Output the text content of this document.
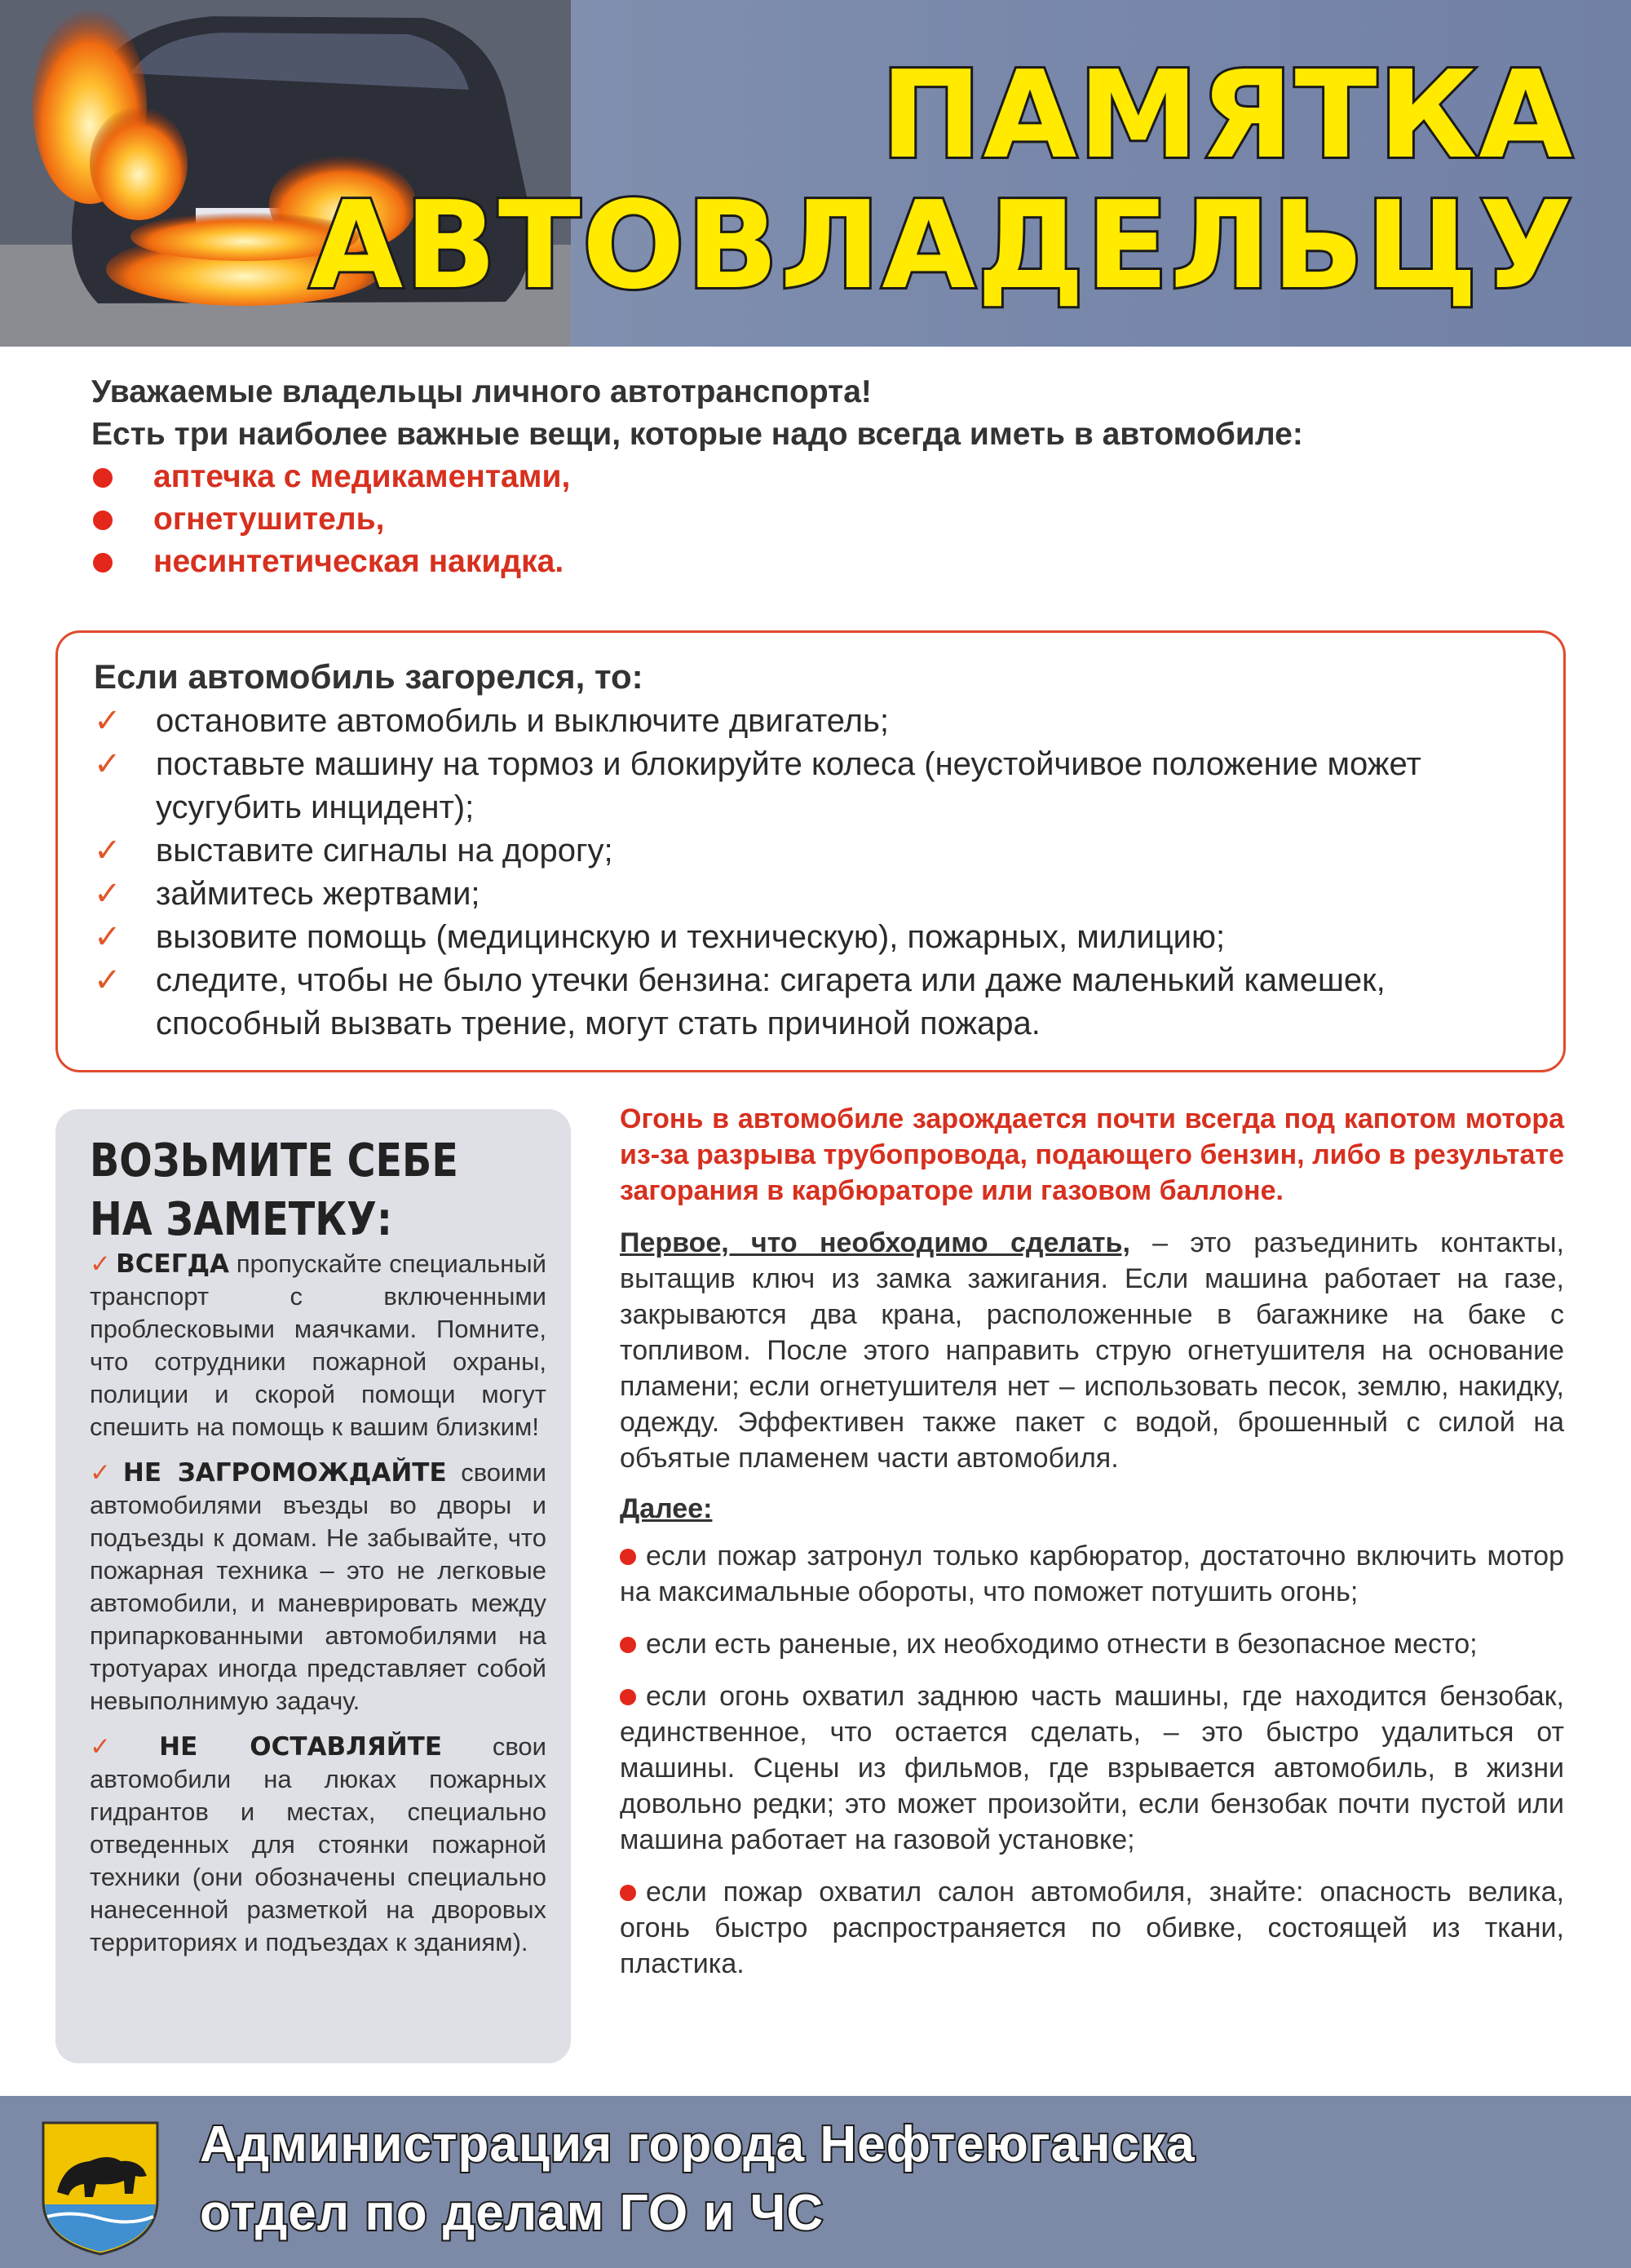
ПАМЯТКА
АВТОВЛАДЕЛЬЦУ

Уважаемые владельцы личного автотранспорта!

Есть три наиболее важные вещи, которые надо всегда иметь в автомобиле:

аптечка с медикаментами,
огнетушитель,
несинтетическая накидка.
Если автомобиль загорелся, то:
✓ остановите автомобиль и выключите двигатель;
✓ поставьте машину на тормоз и блокируйте колеса (неустойчивое положение может усугубить инцидент);
✓ выставите сигналы на дорогу;
✓ займитесь жертвами;
✓ вызовите помощь (медицинскую и техническую), пожарных, милицию;
✓ следите, чтобы не было утечки бензина: сигарета или даже маленький камешек, способный вызвать трение, могут стать причиной пожара.
ВОЗЬМИТЕ СЕБЕ
НА ЗАМЕТКУ:

✓ ВСЕГДА пропускайте специальный транспорт с включенными проблесковыми маячками. Помните, что сотрудники пожарной охраны, полиции и скорой помощи могут спешить на помощь к вашим близким!

✓ НЕ ЗАГРОМОЖДАЙТЕ своими автомобилями въезды во дворы и подъезды к домам. Не забывайте, что пожарная техника – это не легковые автомобили, и маневрировать между припаркованными автомобилями на тротуарах иногда представляет собой невыполнимую задачу.

✓ НЕ ОСТАВЛЯЙТЕ свои автомобили на люках пожарных гидрантов и местах, специально отведенных для стоянки пожарной техники (они обозначены специально нанесенной разметкой на дворовых территориях и подъездах к зданиям).

Огонь в автомобиле зарождается почти всегда под капотом мотора из-за разрыва трубопровода, подающего бензин, либо в результате загорания в карбюраторе или газовом баллоне.

Первое, что необходимо сделать, – это разъединить контакты, вытащив ключ из замка зажигания. Если машина работает на газе, закрываются два крана, расположенные в багажнике на баке с топливом. После этого направить струю огнетушителя на основание пламени; если огнетушителя нет – использовать песок, землю, накидку, одежду. Эффективен также пакет с водой, брошенный с силой на объятые пламенем части автомобиля.

Далее:

если пожар затронул только карбюратор, достаточно включить мотор на максимальные обороты, что поможет потушить огонь;
если есть раненые, их необходимо отнести в безопасное место;
если огонь охватил заднюю часть машины, где находится бензобак, единственное, что остается сделать, – это быстро удалиться от машины. Сцены из фильмов, где взрывается автомобиль, в жизни довольно редки; это может произойти, если бензобак почти пустой или машина работает на газовой установке;
если пожар охватил салон автомобиля, знайте: опасность велика, огонь быстро распространяется по обивке, состоящей из ткани, пластика.
Администрация города Нефтеюганска
отдел по делам ГО и ЧС
